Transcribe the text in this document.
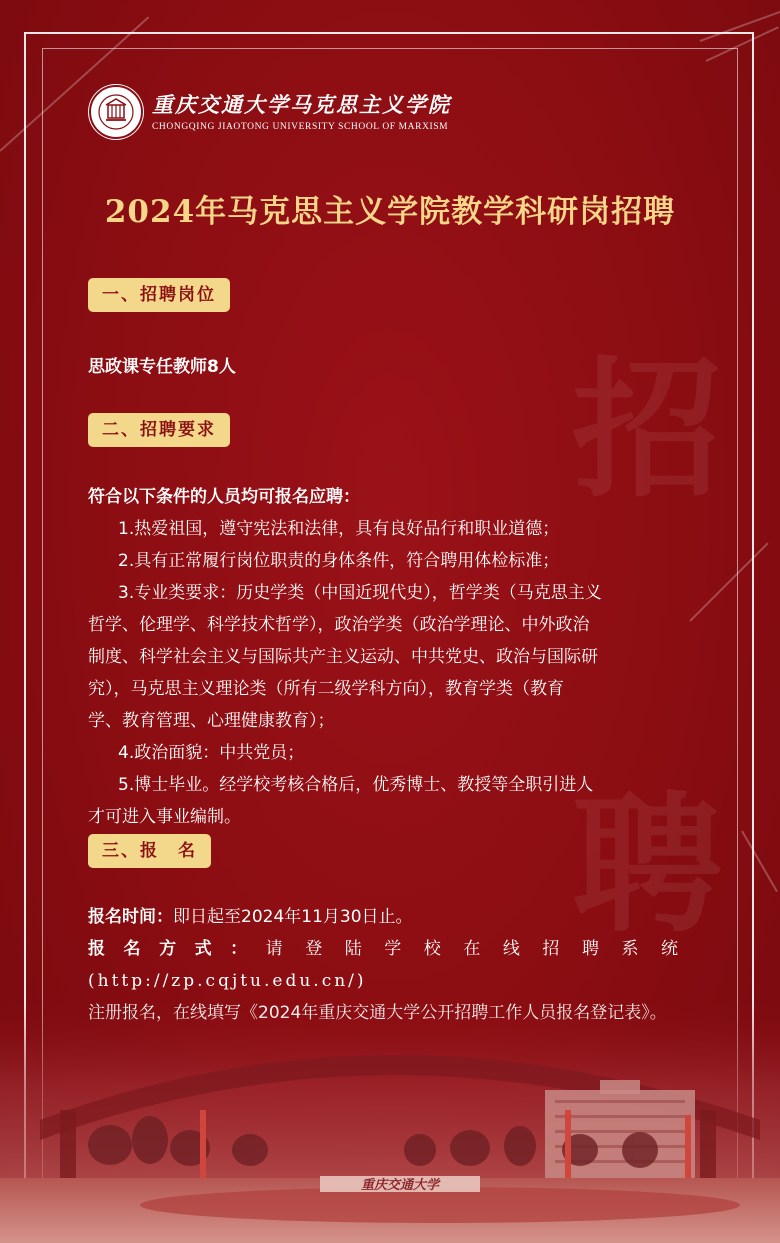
招
聘
重庆交通大学马克思主义学院
CHONGQING JIAOTONG UNIVERSITY SCHOOL OF MARXISM
2024年马克思主义学院教学科研岗招聘
一、招聘岗位
思政课专任教师8人
二、招聘要求
符合以下条件的人员均可报名应聘：
1.热爱祖国，遵守宪法和法律，具有良好品行和职业道德；
2.具有正常履行岗位职责的身体条件，符合聘用体检标准；
3.专业类要求：历史学类（中国近现代史），哲学类（马克思主义
哲学、伦理学、科学技术哲学），政治学类（政治学理论、中外政治
制度、科学社会主义与国际共产主义运动、中共党史、政治与国际研
究），马克思主义理论类（所有二级学科方向），教育学类（教育
学、教育管理、心理健康教育）；
4.政治面貌：中共党员；
5.博士毕业。经学校考核合格后，优秀博士、教授等全职引进人
才可进入事业编制。
三、报　名
报名时间：即日起至2024年11月30日止。
报名方式：请登陆学校在线招聘系统
(http://zp.cqjtu.edu.cn/)
重庆交通大学
